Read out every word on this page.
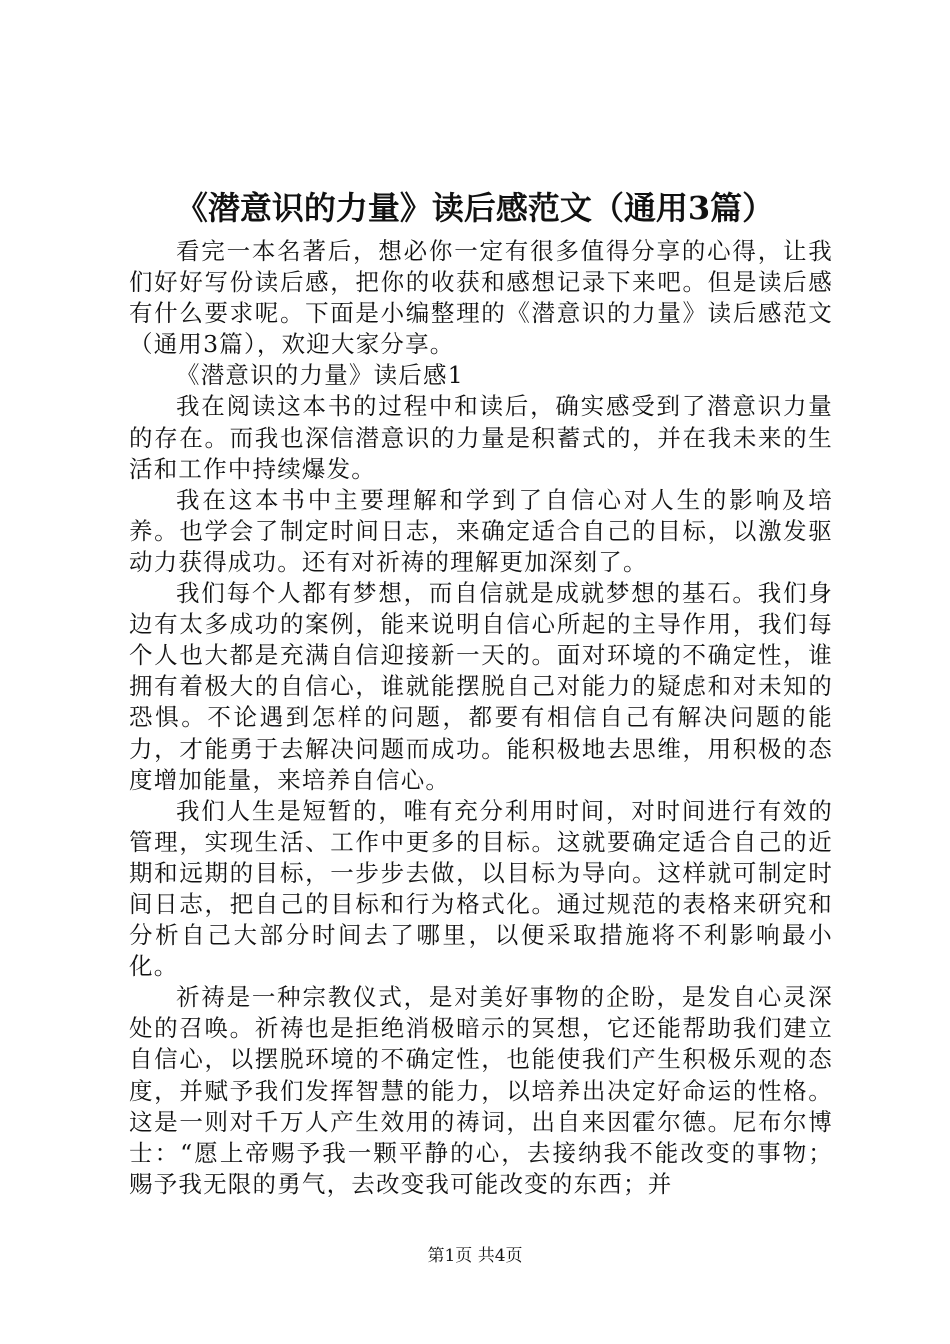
《潜意识的力量》读后感范文（通用3篇）

看完一本名著后，想必你一定有很多值得分享的心得，让我们好好写份读后感，把你的收获和感想记录下来吧。但是读后感有什么要求呢。下面是小编整理的《潜意识的力量》读后感范文（通用3篇），欢迎大家分享。

《潜意识的力量》读后感1

我在阅读这本书的过程中和读后，确实感受到了潜意识力量的存在。而我也深信潜意识的力量是积蓄式的，并在我未来的生活和工作中持续爆发。

我在这本书中主要理解和学到了自信心对人生的影响及培养。也学会了制定时间日志，来确定适合自己的目标，以激发驱动力获得成功。还有对祈祷的理解更加深刻了。

我们每个人都有梦想，而自信就是成就梦想的基石。我们身边有太多成功的案例，能来说明自信心所起的主导作用，我们每个人也大都是充满自信迎接新一天的。面对环境的不确定性，谁拥有着极大的自信心，谁就能摆脱自己对能力的疑虑和对未知的恐惧。不论遇到怎样的问题，都要有相信自己有解决问题的能力，才能勇于去解决问题而成功。能积极地去思维，用积极的态度增加能量，来培养自信心。

我们人生是短暂的，唯有充分利用时间，对时间进行有效的管理，实现生活、工作中更多的目标。这就要确定适合自己的近期和远期的目标，一步步去做，以目标为导向。这样就可制定时间日志，把自己的目标和行为格式化。通过规范的表格来研究和分析自己大部分时间去了哪里，以便采取措施将不利影响最小化。

祈祷是一种宗教仪式，是对美好事物的企盼，是发自心灵深处的召唤。祈祷也是拒绝消极暗示的冥想，它还能帮助我们建立自信心，以摆脱环境的不确定性，也能使我们产生积极乐观的态度，并赋予我们发挥智慧的能力，以培养出决定好命运的性格。这是一则对千万人产生效用的祷词，出自来因霍尔德。尼布尔博士：“愿上帝赐予我一颗平静的心，去接纳我不能改变的事物；赐予我无限的勇气，去改变我可能改变的东西；并

第1页 共4页
